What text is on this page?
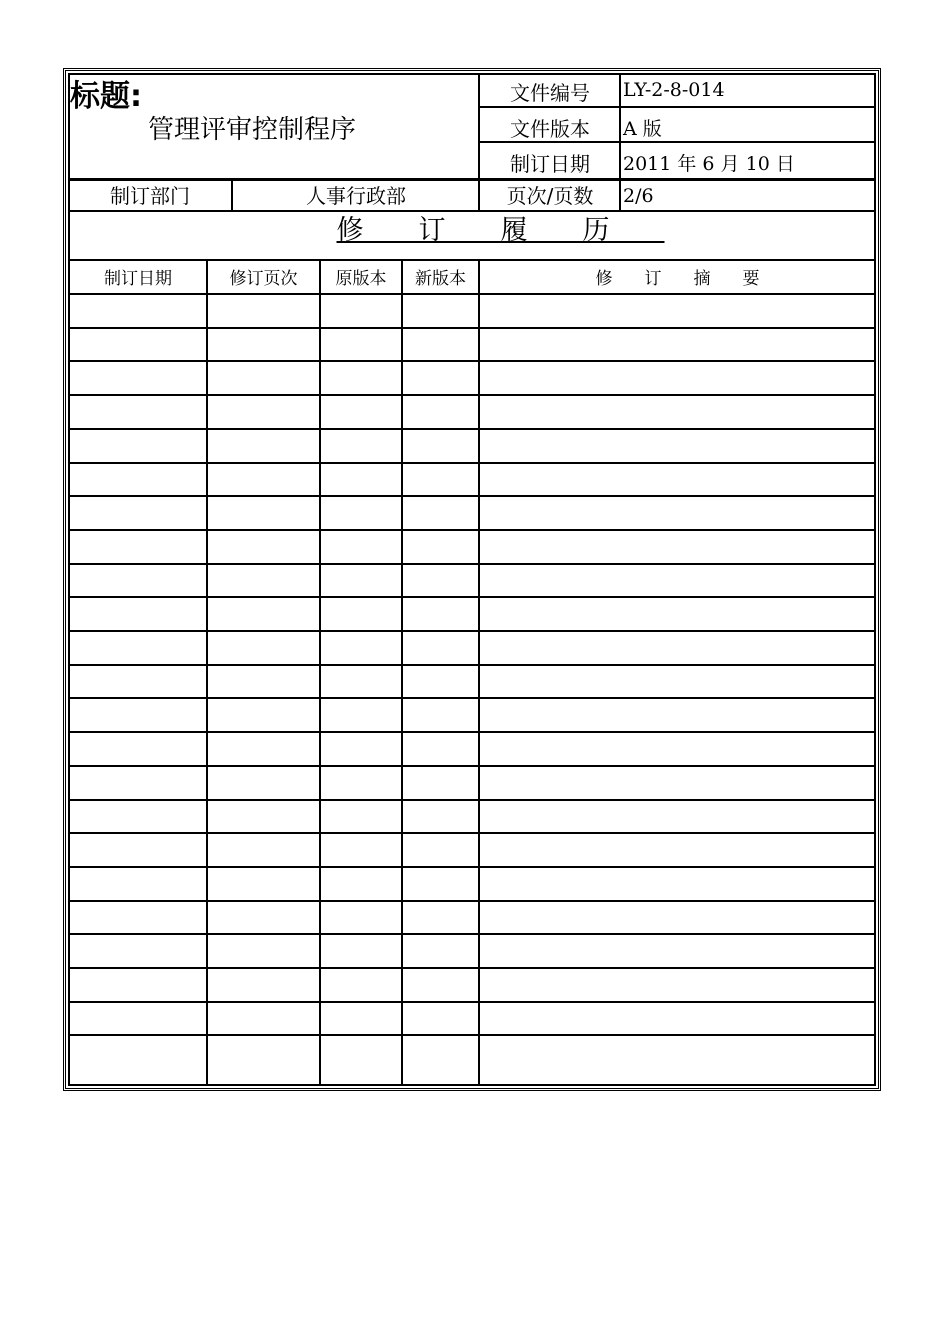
标题:
管理评审控制程序
文件编号	LY-2-8-014
文件版本	A 版
制订日期	2011 年 6 月 10 日
制订部门	人事行政部	页次/页数	2/6
修订履历
制订日期	修订页次	原版本	新版本	修订摘要
